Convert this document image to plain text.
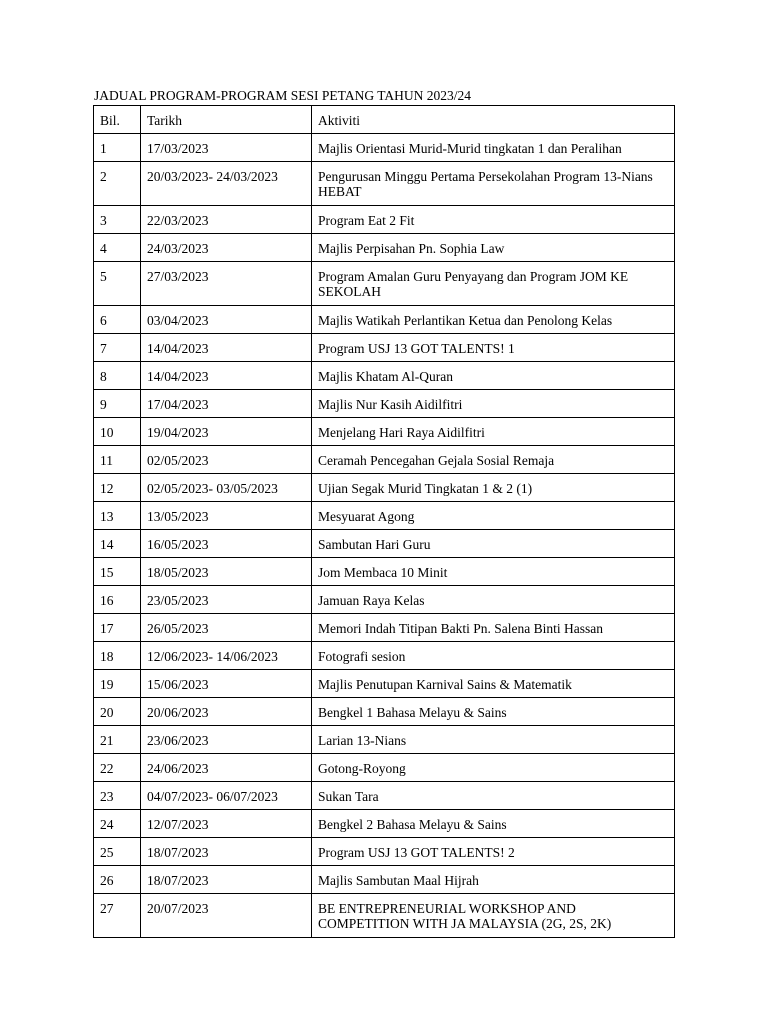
JADUAL PROGRAM-PROGRAM SESI PETANG TAHUN 2023/24
Bil.	Tarikh	Aktiviti
1	17/03/2023	Majlis Orientasi Murid-Murid tingkatan 1 dan Peralihan
2	20/03/2023- 24/03/2023	Pengurusan Minggu Pertama Persekolahan Program 13-Nians HEBAT
3	22/03/2023	Program Eat 2 Fit
4	24/03/2023	Majlis Perpisahan Pn. Sophia Law
5	27/03/2023	Program Amalan Guru Penyayang dan Program JOM KE SEKOLAH
6	03/04/2023	Majlis Watikah Perlantikan Ketua dan Penolong Kelas
7	14/04/2023	Program USJ 13 GOT TALENTS! 1
8	14/04/2023	Majlis Khatam Al-Quran
9	17/04/2023	Majlis Nur Kasih Aidilfitri
10	19/04/2023	Menjelang Hari Raya Aidilfitri
11	02/05/2023	Ceramah Pencegahan Gejala Sosial Remaja
12	02/05/2023- 03/05/2023	Ujian Segak Murid Tingkatan 1 & 2 (1)
13	13/05/2023	Mesyuarat Agong
14	16/05/2023	Sambutan Hari Guru
15	18/05/2023	Jom Membaca 10 Minit
16	23/05/2023	Jamuan Raya Kelas
17	26/05/2023	Memori Indah Titipan Bakti Pn. Salena Binti Hassan
18	12/06/2023- 14/06/2023	Fotografi sesion
19	15/06/2023	Majlis Penutupan Karnival Sains & Matematik
20	20/06/2023	Bengkel 1 Bahasa Melayu & Sains
21	23/06/2023	Larian 13-Nians
22	24/06/2023	Gotong-Royong
23	04/07/2023- 06/07/2023	Sukan Tara
24	12/07/2023	Bengkel 2 Bahasa Melayu & Sains
25	18/07/2023	Program USJ 13 GOT TALENTS! 2
26	18/07/2023	Majlis Sambutan Maal Hijrah
27	20/07/2023	BE ENTREPRENEURIAL WORKSHOP AND COMPETITION WITH JA MALAYSIA (2G, 2S, 2K)
